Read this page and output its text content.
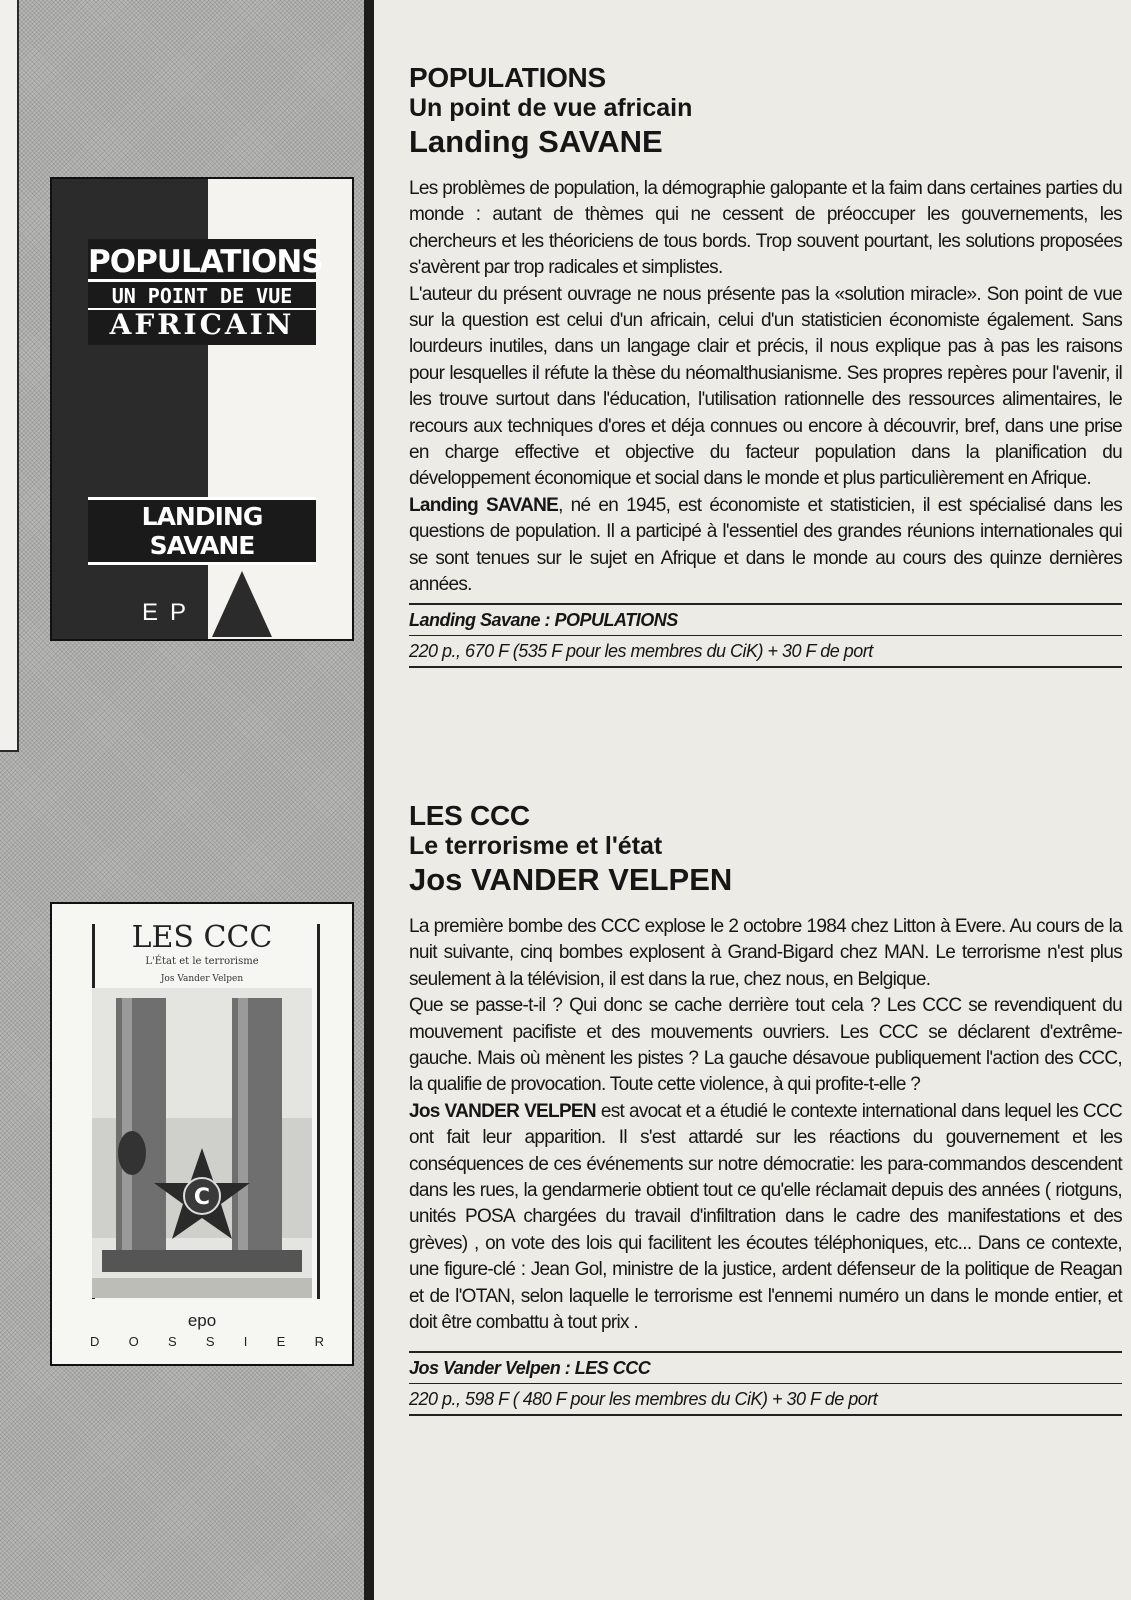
POPULATIONS
UN POINT DE VUE
AFRICAIN
LANDING SAVANE
EP
LES CCC
L'État et le terrorisme
Jos Vander Velpen
C
epo
D O S S I E R
POPULATIONS
Un point de vue africain
Landing SAVANE

Les problèmes de population, la démographie galopante et la faim dans certaines parties du monde : autant de thèmes qui ne cessent de préoccuper les gouvernements, les chercheurs et les théoriciens de tous bords. Trop souvent pourtant, les solutions proposées s'avèrent par trop radicales et simplistes.

L'auteur du présent ouvrage ne nous présente pas la «solution miracle». Son point de vue sur la question est celui d'un africain, celui d'un statisticien économiste également. Sans lourdeurs inutiles, dans un langage clair et précis, il nous explique pas à pas les raisons pour lesquelles il réfute la thèse du néomalthusianisme. Ses propres repères pour l'avenir, il les trouve surtout dans l'éducation, l'utilisation rationnelle des ressources alimentaires, le recours aux techniques d'ores et déja connues ou encore à découvrir, bref, dans une prise en charge effective et objective du facteur population dans la planification du développement économique et social dans le monde et plus particulièrement en Afrique.

Landing SAVANE, né en 1945, est économiste et statisticien, il est spécialisé dans les questions de population. Il a participé à l'essentiel des grandes réunions internationales qui se sont tenues sur le sujet en Afrique et dans le monde au cours des quinze dernières années.

Landing Savane : POPULATIONS
220 p., 670 F (535 F pour les membres du CiK) + 30 F de port
LES CCC
Le terrorisme et l'état
Jos VANDER VELPEN

La première bombe des CCC explose le 2 octobre 1984 chez Litton à Evere. Au cours de la nuit suivante, cinq bombes explosent à Grand-Bigard chez MAN. Le terrorisme n'est plus seulement à la télévision, il est dans la rue, chez nous, en Belgique.

Que se passe-t-il ? Qui donc se cache derrière tout cela ? Les CCC se revendiquent du mouvement pacifiste et des mouvements ouvriers. Les CCC se déclarent d'extrême-gauche. Mais où mènent les pistes ? La gauche désavoue publiquement l'action des CCC, la qualifie de provocation. Toute cette violence, à qui profite-t-elle ?

Jos VANDER VELPEN est avocat et a étudié le contexte international dans lequel les CCC ont fait leur apparition. Il s'est attardé sur les réactions du gouvernement et les conséquences de ces événements sur notre démocratie: les para-commandos descendent dans les rues, la gendarmerie obtient tout ce qu'elle réclamait depuis des années ( riotguns, unités POSA chargées du travail d'infiltration dans le cadre des manifestations et des grèves) , on vote des lois qui facilitent les écoutes téléphoniques, etc... Dans ce contexte, une figure-clé : Jean Gol, ministre de la justice, ardent défenseur de la politique de Reagan et de l'OTAN, selon laquelle le terrorisme est l'ennemi numéro un dans le monde entier, et doit être combattu à tout prix .

Jos Vander Velpen : LES CCC
220 p., 598 F ( 480 F pour les membres du CiK) + 30 F de port
